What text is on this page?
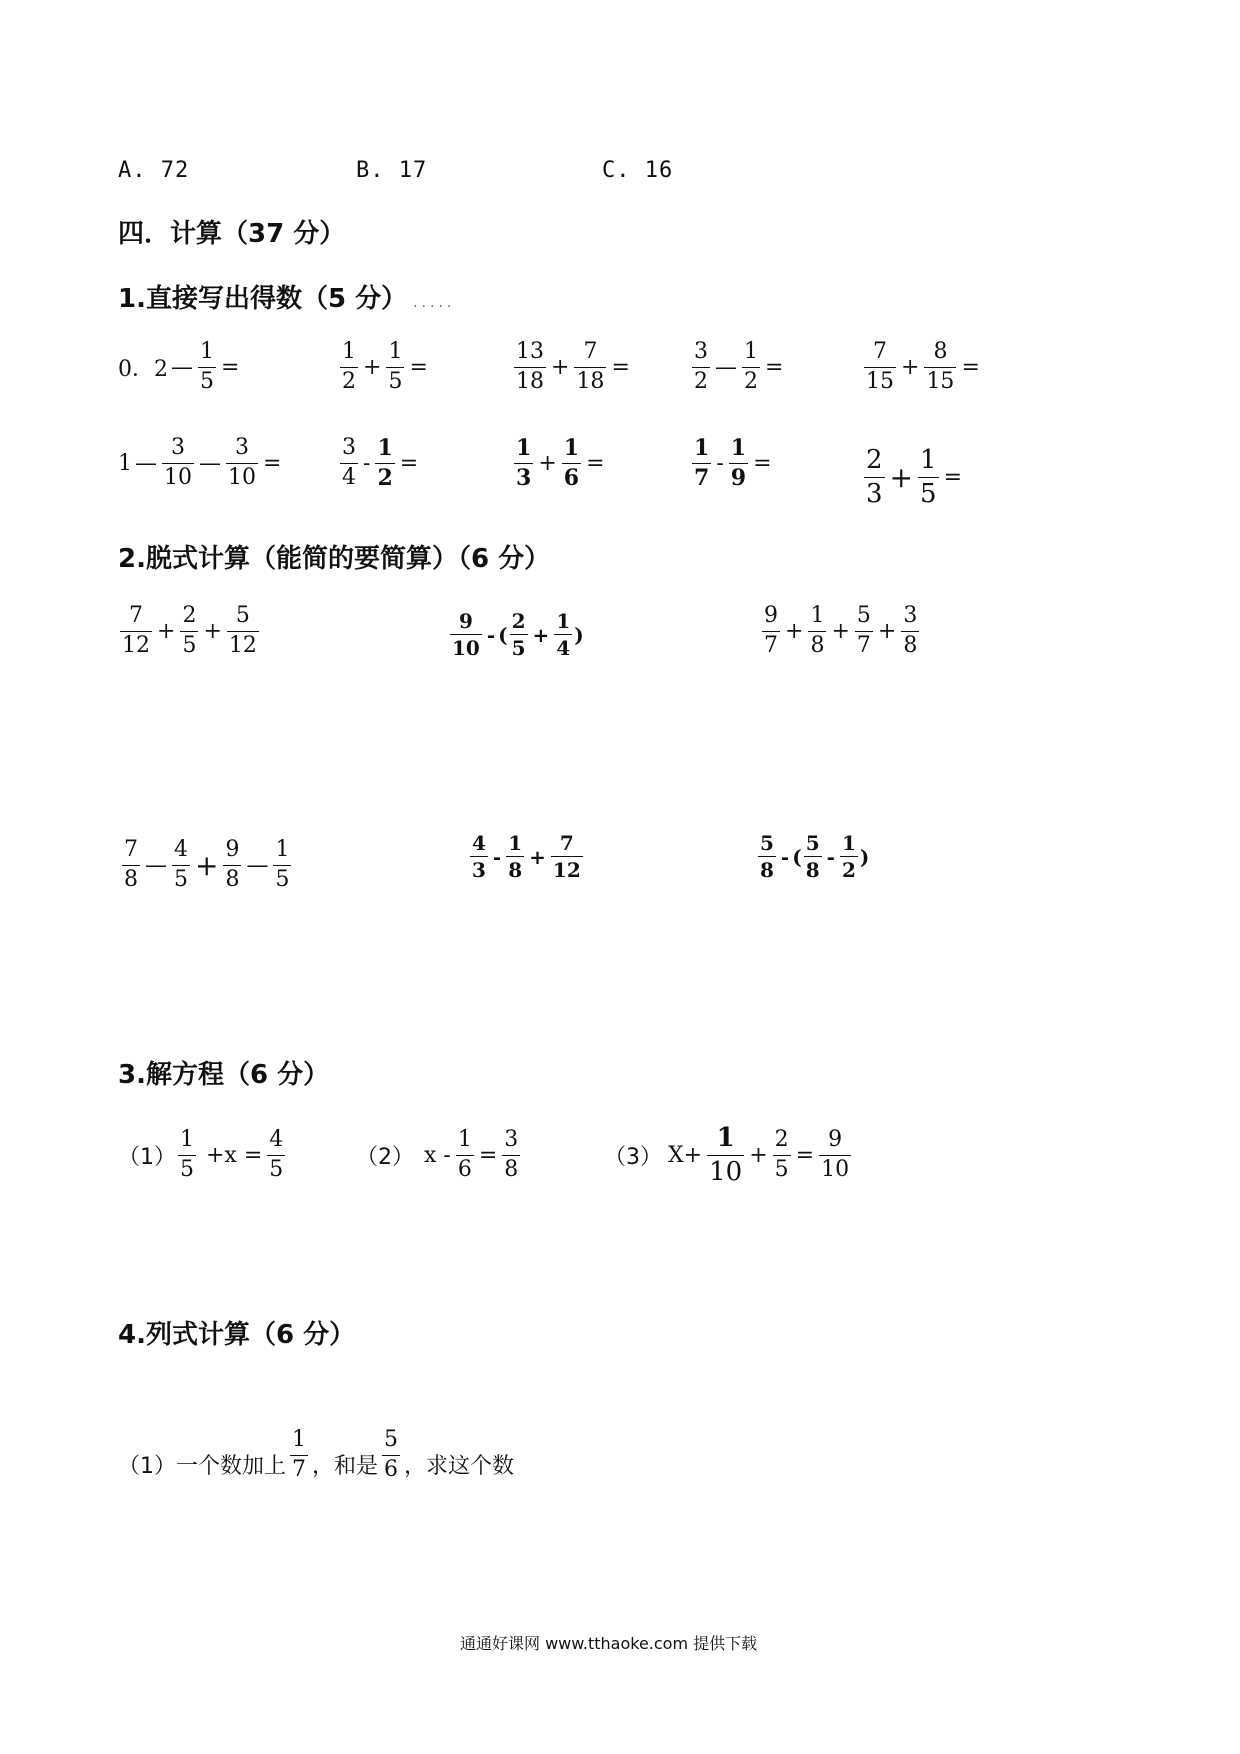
A. 72	B. 17	C. 16
四．计算（37 分）
1.直接写出得数（5 分） .....
0．2 — $\frac{1}{5}$ =	$\frac{1}{2} + \frac{1}{5}$ =	$\frac{13}{18} + \frac{7}{18}$ =	$\frac{3}{2}$ — $\frac{1}{2}$ =	$\frac{7}{15} + \frac{8}{15}$ =
1 — $\frac{3}{10}$ — $\frac{3}{10}$ =	$\frac{3}{4} - \frac{1}{2}$ =	$\frac{1}{3} + \frac{1}{6}$ =	$\frac{1}{7} - \frac{1}{9}$ =	$\frac{2}{3} + \frac{1}{5}$ =
2.脱式计算（能简的要简算）（6 分）
$\frac{7}{12} + \frac{2}{5} + \frac{5}{12}$	$\frac{9}{10}$ - ( $\frac{2}{5} + \frac{1}{4}$ )	$\frac{9}{7} + \frac{1}{8} + \frac{5}{7} + \frac{3}{8}$
$\frac{7}{8}$ — $\frac{4}{5} + \frac{9}{8}$ — $\frac{1}{5}$	$\frac{4}{3} - \frac{1}{8} + \frac{7}{12}$	$\frac{5}{8}$ - ( $\frac{5}{8} - \frac{1}{2}$ )
3.解方程（6 分）
$(1) \frac{1}{5} +x = \frac{4}{5}$	（2） $x - \frac{1}{6} = \frac{3}{8}$	（3） $X+ \frac{1}{10} + \frac{2}{5} = \frac{9}{10}$
4.列式计算（6 分）
（1）一个数加上 $\frac{1}{7}$ ，和是 $\frac{5}{6}$ ，求这个数
通通好课网 www.tthaoke.com 提供下载
